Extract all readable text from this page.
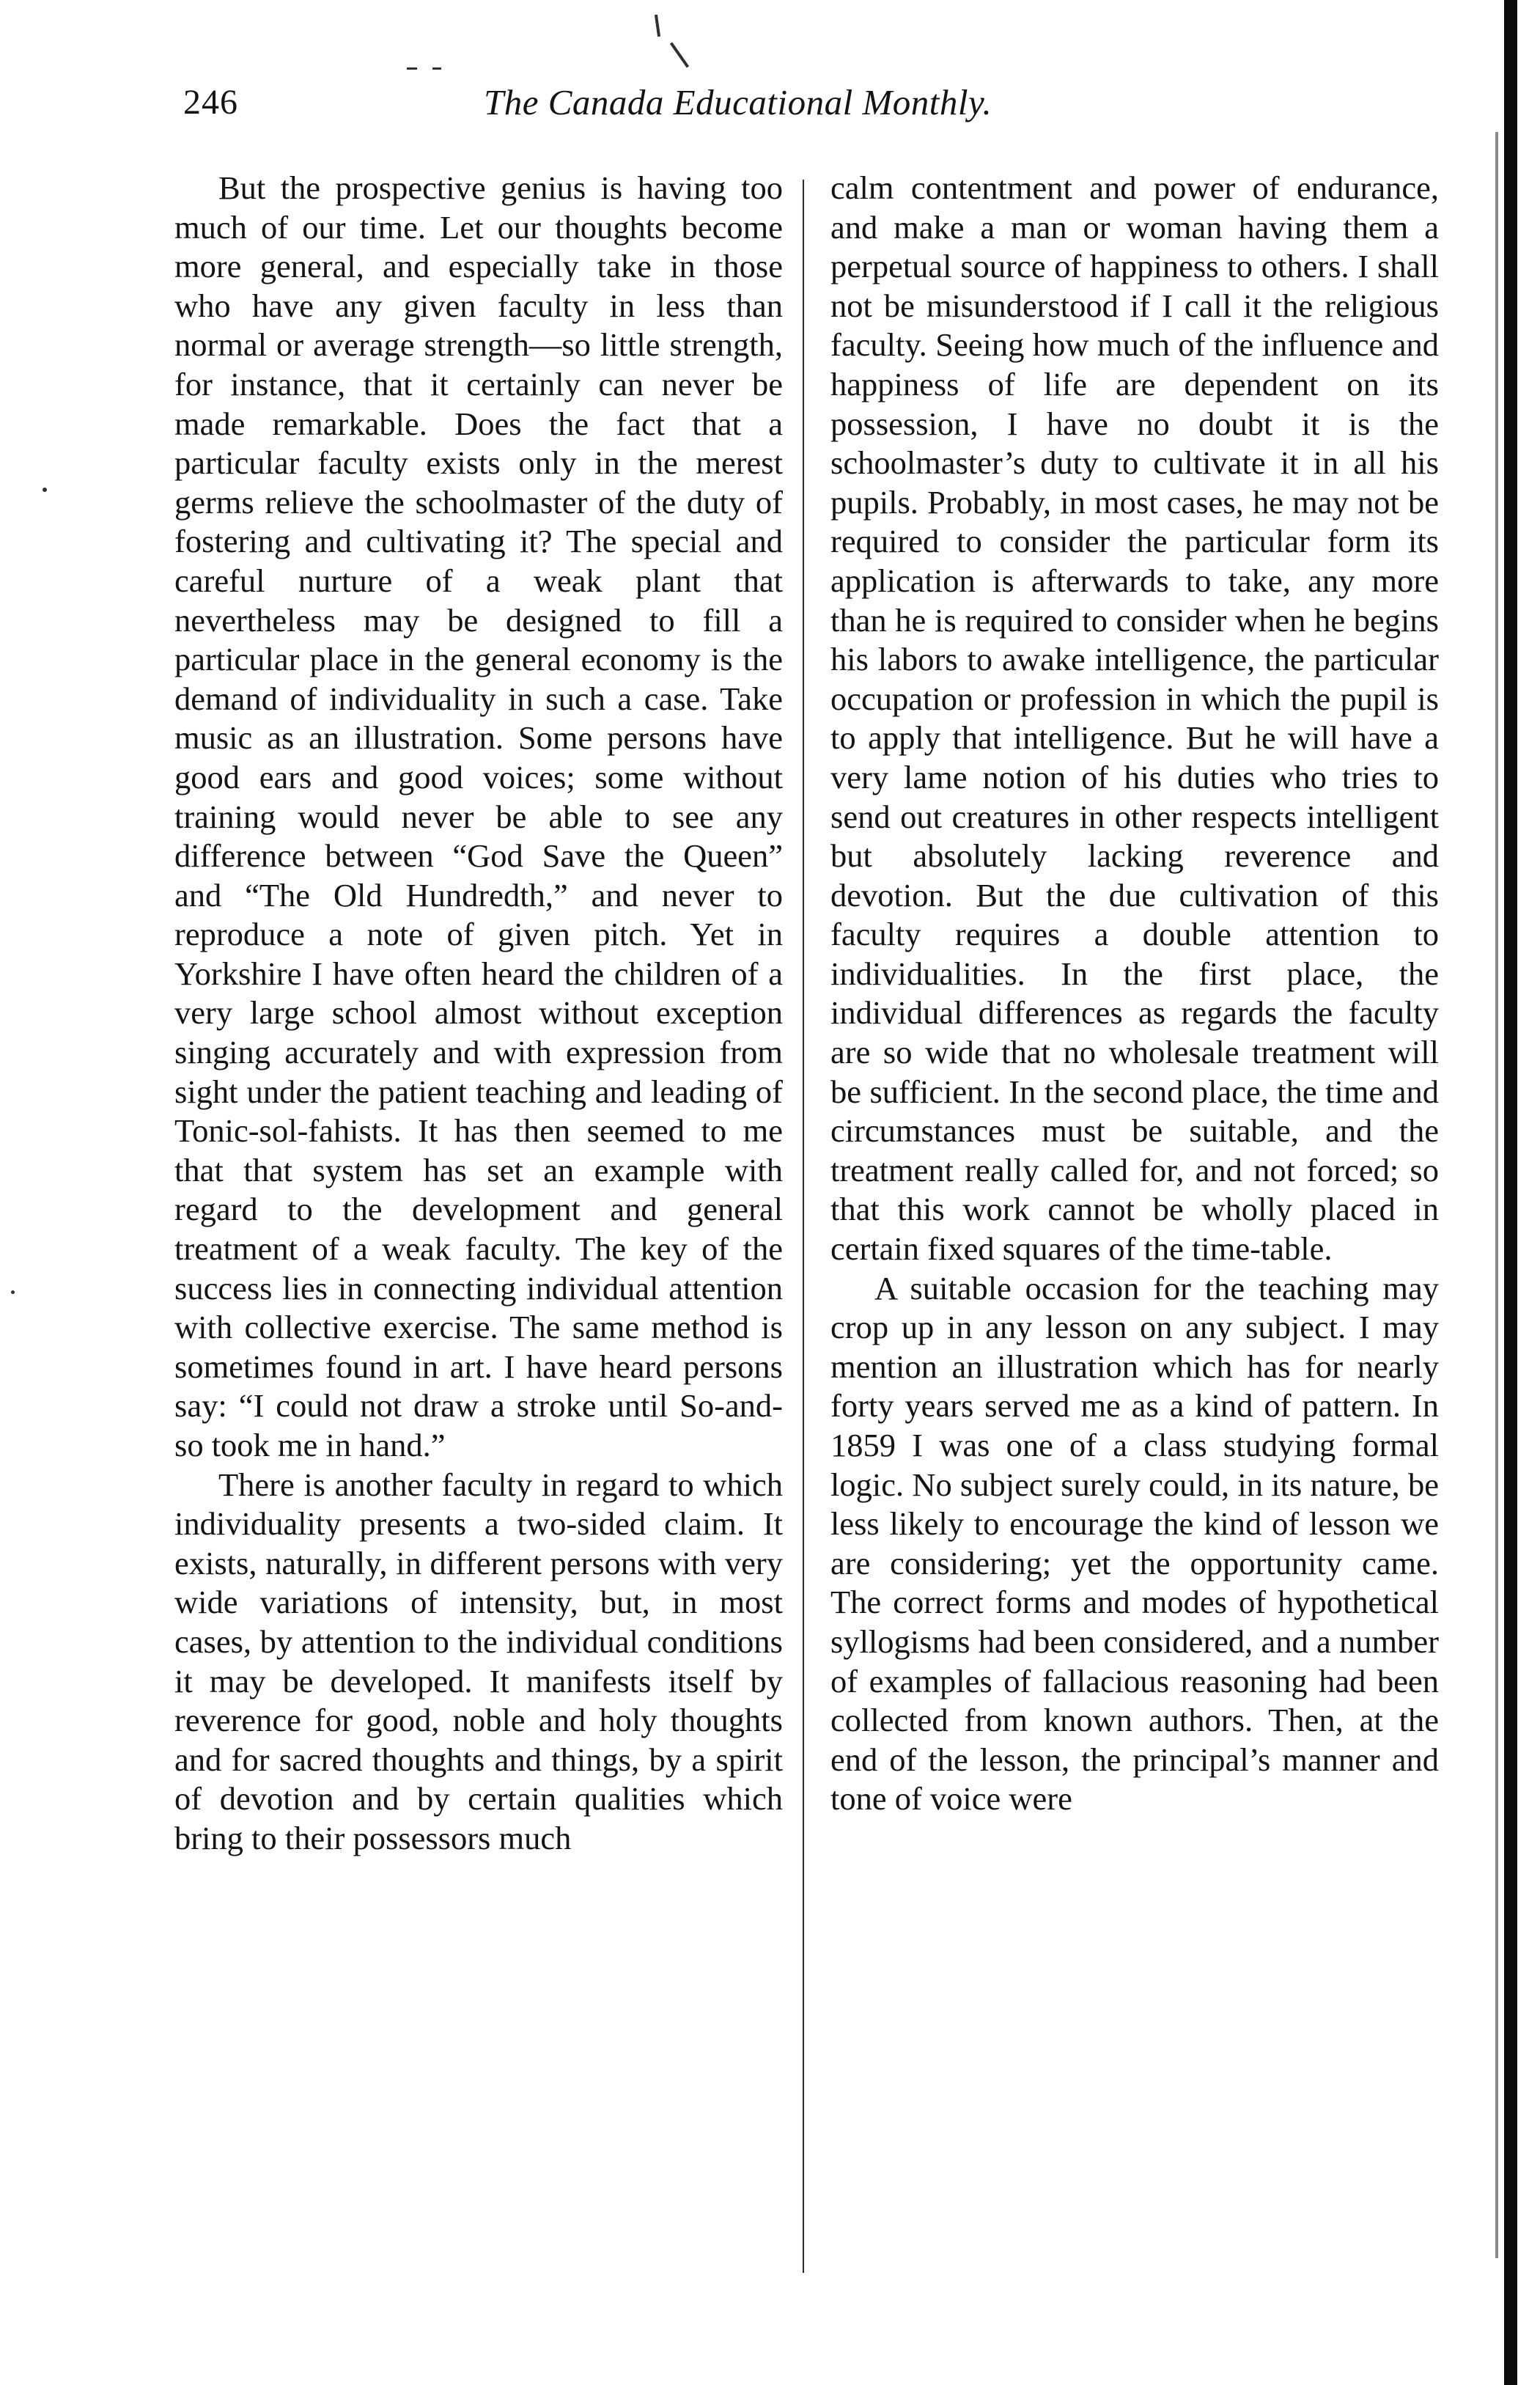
246	The Canada Educational Monthly.

But the prospective genius is having too much of our time. Let our thoughts become more general, and especially take in those who have any given faculty in less than normal or average strength—so little strength, for instance, that it certainly can never be made remarkable. Does the fact that a particular faculty exists only in the merest germs relieve the schoolmaster of the duty of fostering and cultivating it? The special and careful nurture of a weak plant that nevertheless may be designed to fill a particular place in the general economy is the demand of individuality in such a case. Take music as an illustration. Some persons have good ears and good voices; some without training would never be able to see any difference between “God Save the Queen” and “The Old Hundredth,” and never to reproduce a note of given pitch. Yet in Yorkshire I have often heard the children of a very large school almost without exception singing accurately and with expression from sight under the patient teaching and leading of Tonic-sol-fahists. It has then seemed to me that that system has set an example with regard to the development and general treatment of a weak faculty. The key of the success lies in connecting individual attention with collective exercise. The same method is sometimes found in art. I have heard persons say: “I could not draw a stroke until So-and-so took me in hand.”

There is another faculty in regard to which individuality presents a two-sided claim. It exists, naturally, in different persons with very wide variations of intensity, but, in most cases, by attention to the individual conditions it may be developed. It manifests itself by reverence for good, noble and holy thoughts and for sacred thoughts and things, by a spirit of devotion and by certain qualities which bring to their possessors much

calm contentment and power of endurance, and make a man or woman having them a perpetual source of happiness to others. I shall not be misunderstood if I call it the religious faculty. Seeing how much of the influence and happiness of life are dependent on its possession, I have no doubt it is the schoolmaster’s duty to cultivate it in all his pupils. Probably, in most cases, he may not be required to consider the particular form its application is afterwards to take, any more than he is required to consider when he begins his labors to awake intelligence, the particular occupation or profession in which the pupil is to apply that intelligence. But he will have a very lame notion of his duties who tries to send out creatures in other respects intelligent but absolutely lacking reverence and devotion. But the due cultivation of this faculty requires a double attention to individualities. In the first place, the individual differences as regards the faculty are so wide that no wholesale treatment will be sufficient. In the second place, the time and circumstances must be suitable, and the treatment really called for, and not forced; so that this work cannot be wholly placed in certain fixed squares of the time-table.

A suitable occasion for the teaching may crop up in any lesson on any subject. I may mention an illustration which has for nearly forty years served me as a kind of pattern. In 1859 I was one of a class studying formal logic. No subject surely could, in its nature, be less likely to encourage the kind of lesson we are considering; yet the opportunity came. The correct forms and modes of hypothetical syllogisms had been considered, and a number of examples of fallacious reasoning had been collected from known authors. Then, at the end of the lesson, the principal’s manner and tone of voice were
